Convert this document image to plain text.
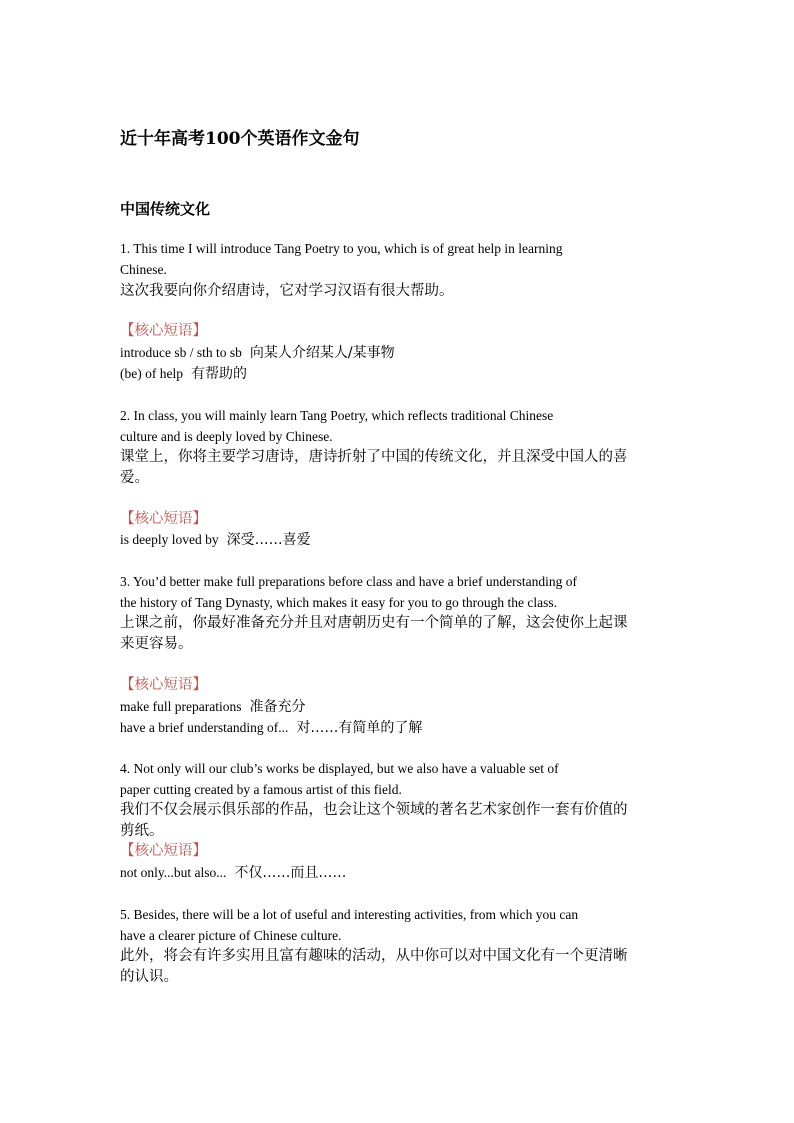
近十年高考100个英语作文金句
中国传统文化
1. This time I will introduce Tang Poetry to you, which is of great help in learning
Chinese.
这次我要向你介绍唐诗，它对学习汉语有很大帮助。
【核心短语】
introduce sb / sth to sb 向某人介绍某人/某事物
(be) of help 有帮助的
2. In class, you will mainly learn Tang Poetry, which reflects traditional Chinese
culture and is deeply loved by Chinese.
课堂上，你将主要学习唐诗，唐诗折射了中国的传统文化，并且深受中国人的喜
爱。
【核心短语】
is deeply loved by 深受……喜爱
3. You’d better make full preparations before class and have a brief understanding of
the history of Tang Dynasty, which makes it easy for you to go through the class.
上课之前，你最好准备充分并且对唐朝历史有一个简单的了解，这会使你上起课
来更容易。
【核心短语】
make full preparations 准备充分
have a brief understanding of... 对……有简单的了解
4. Not only will our club’s works be displayed, but we also have a valuable set of
paper cutting created by a famous artist of this field.
我们不仅会展示俱乐部的作品，也会让这个领域的著名艺术家创作一套有价值的
剪纸。
【核心短语】
not only...but also... 不仅……而且……
5. Besides, there will be a lot of useful and interesting activities, from which you can
have a clearer picture of Chinese culture.
此外，将会有许多实用且富有趣味的活动，从中你可以对中国文化有一个更清晰
的认识。
